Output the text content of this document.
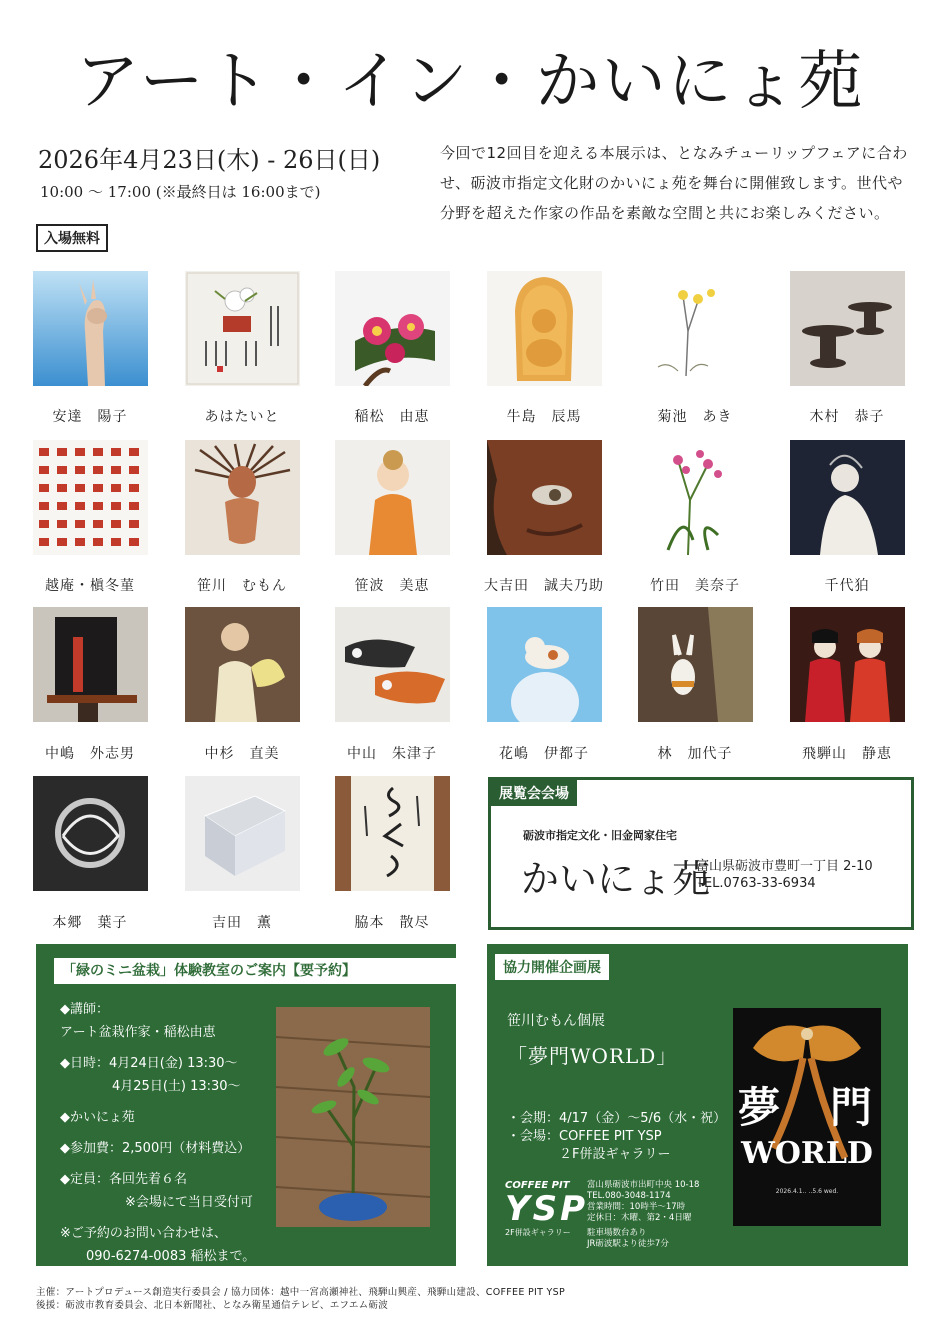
アート・イン・かいにょ苑
2026年4月23日(木) - 26日(日)
10:00 ～ 17:00 (※最終日は 16:00まで)
入場無料
今回で12回目を迎える本展示は、となみチューリップフェアに合わせ、砺波市指定文化財のかいにょ苑を舞台に開催致します。世代や分野を超えた作家の作品を素敵な空間と共にお楽しみください。
安達　陽子	あはたいと	稲松　由恵	牛島　辰馬	菊池　あき	木村　恭子
越庵・槇冬菫	笹川　むもん	笹波　美恵	大吉田　誠夫乃助	竹田　美奈子	千代狛
中嶋　外志男	中杉　直美	中山　朱津子	花嶋　伊都子	林　加代子	飛騨山　静恵
本郷　葉子	吉田　薫	脇本　散尽
展覧会会場
砺波市指定文化・旧金岡家住宅
かいにょ苑
富山県砺波市豊町一丁目 2-10
TEL.0763-33-6934
「緑のミニ盆栽」体験教室のご案内【要予約】
◆講師：
アート盆栽作家・稲松由恵
◆日時：4月24日(金) 13:30～
　　　　4月25日(土) 13:30～
◆かいにょ苑
◆参加費：2,500円（材料費込）
◆定員：各回先着６名
　　　　　※会場にて当日受付可
※ご予約のお問い合わせは、
　　090-6274-0083 稲松まで。
協力開催企画展
笹川むもん個展
「夢門WORLD」
・会期：4/17（金）～5/6（水・祝）
・会場：COFFEE PIT YSP
　　　　２F併設ギャラリー
COFFEE PIT
YSP
2F併設ギャラリー
富山県砺波市出町中央 10-18
TEL.080-3048-1174
営業時間：10時半～17時
定休日：木曜、第2・4日曜
駐車場数台あり
JR砺波駅より徒歩7分
夢　門
WORLD
2026.4.1‥ ‥5.6 wed.
主催：アートプロデュース創造実行委員会 / 協力団体：越中一宮高瀬神社、飛騨山興産、飛騨山建設、COFFEE PIT YSP
後援：砺波市教育委員会、北日本新聞社、となみ衛星通信テレビ、エフエム砺波
